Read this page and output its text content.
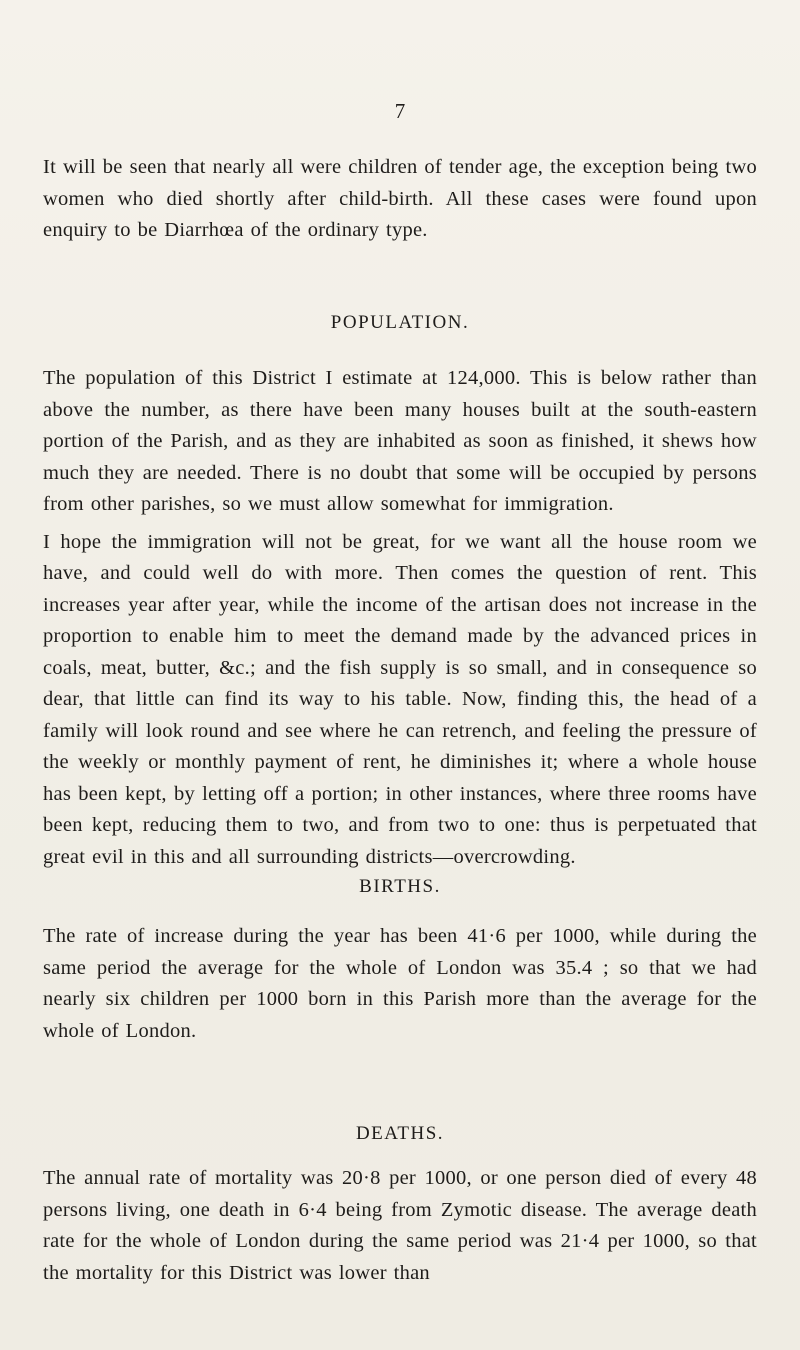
7

It will be seen that nearly all were children of tender age, the exception being two women who died shortly after child-birth. All these cases were found upon enquiry to be Diarrhœa of the ordinary type.

POPULATION.

The population of this District I estimate at 124,000. This is below rather than above the number, as there have been many houses built at the south-eastern portion of the Parish, and as they are inhabited as soon as finished, it shews how much they are needed. There is no doubt that some will be occupied by persons from other parishes, so we must allow somewhat for immigration.

I hope the immigration will not be great, for we want all the house room we have, and could well do with more. Then comes the question of rent. This increases year after year, while the income of the artisan does not increase in the proportion to enable him to meet the demand made by the advanced prices in coals, meat, butter, &c.; and the fish supply is so small, and in consequence so dear, that little can find its way to his table. Now, finding this, the head of a family will look round and see where he can retrench, and feeling the pressure of the weekly or monthly payment of rent, he diminishes it; where a whole house has been kept, by letting off a portion; in other instances, where three rooms have been kept, reducing them to two, and from two to one: thus is perpetuated that great evil in this and all surrounding districts—overcrowding.

BIRTHS.

The rate of increase during the year has been 41·6 per 1000, while during the same period the average for the whole of London was 35.4 ; so that we had nearly six children per 1000 born in this Parish more than the average for the whole of London.

DEATHS.

The annual rate of mortality was 20·8 per 1000, or one person died of every 48 persons living, one death in 6·4 being from Zymotic disease. The average death rate for the whole of London during the same period was 21·4 per 1000, so that the mortality for this District was lower than
